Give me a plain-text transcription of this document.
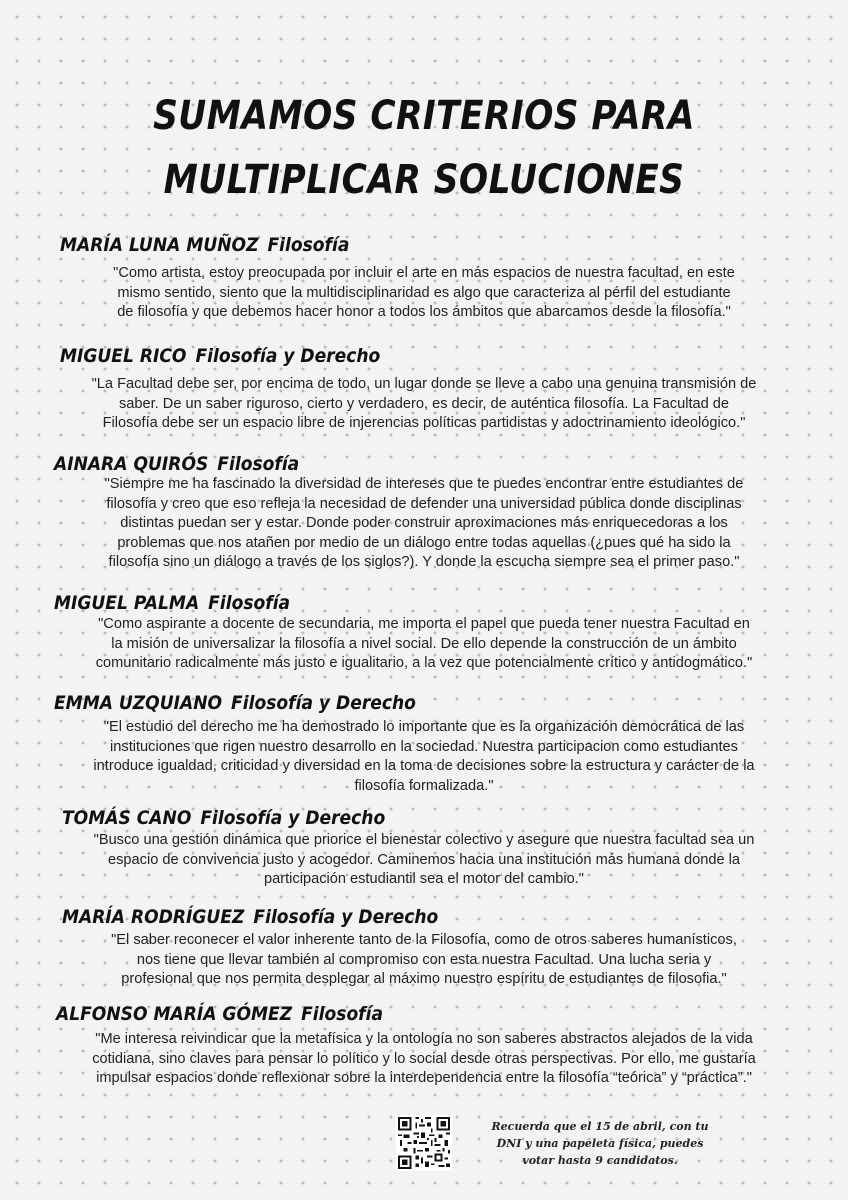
SUMAMOS CRITERIOS PARA
MULTIPLICAR SOLUCIONES
MARÍA LUNA MUÑOZ Filosofía
"Como artista, estoy preocupada por incluir el arte en más espacios de nuestra facultad, en este
mismo sentido, siento que la multidisciplinaridad es algo que caracteriza al pérfil del estudiante
de filosofía y que debemos hacer honor a todos los ámbitos que abarcamos desde la filosofía."
MIGUEL RICO Filosofía y Derecho
"La Facultad debe ser, por encima de todo, un lugar donde se lleve a cabo una genuina transmisión de
saber. De un saber riguroso, cierto y verdadero, es decir, de auténtica filosofía. La Facultad de
Filosofía debe ser un espacio libre de injerencias políticas partidistas y adoctrinamiento ideológico."
AINARA QUIRÓS Filosofía
"Siempre me ha fascinado la diversidad de intereses que te puedes encontrar entre estudiantes de
filosofía y creo que eso refleja la necesidad de defender una universidad pública donde disciplinas
distintas puedan ser y estar. Donde poder construir aproximaciones más enriquecedoras a los
problemas que nos atañen por medio de un diálogo entre todas aquellas (¿pues qué ha sido la
filosofía sino un diálogo a través de los siglos?). Y donde la escucha siempre sea el primer paso."
MIGUEL PALMA Filosofía
"Como aspirante a docente de secundaria, me importa el papel que pueda tener nuestra Facultad en
la misión de universalizar la filosofía a nivel social. De ello depende la construcción de un ámbito
comunitario radicalmente más justo e igualitario, a la vez que potencialmente crítico y antidogmático."
EMMA UZQUIANO Filosofía y Derecho
"El estudio del derecho me ha demostrado lo importante que es la organización democrática de las
instituciones que rigen nuestro desarrollo en la sociedad. Nuestra participacion como estudiantes
introduce igualdad, criticidad y diversidad en la toma de decisiones sobre la estructura y carácter de la
filosofía formalizada."
TOMÁS CANO Filosofía y Derecho
"Busco una gestión dinámica que priorice el bienestar colectivo y asegure que nuestra facultad sea un
espacio de convivencia justo y acogedor. Caminemos hacia una institución más humana donde la
participación estudiantil sea el motor del cambio."
MARÍA RODRÍGUEZ Filosofía y Derecho
"El saber reconecer el valor inherente tanto de la Filosofía, como de otros saberes humanísticos,
nos tiene que llevar también al compromiso con esta nuestra Facultad. Una lucha seria y
profesional que nos permita desplegar al máximo nuestro espíritu de estudiantes de filosofia."
ALFONSO MARÍA GÓMEZ Filosofía
"Me interesa reivindicar que la metafísica y la ontología no son saberes abstractos alejados de la vida
cotidiana, sino claves para pensar lo político y lo social desde otras perspectivas. Por ello, me gustaría
impulsar espacios donde reflexionar sobre la interdependencia entre la filosofía “teórica” y “práctica”."
Recuerda que el 15 de abril, con tu
DNI y una papeleta física, puedes
votar hasta 9 candidatos.
